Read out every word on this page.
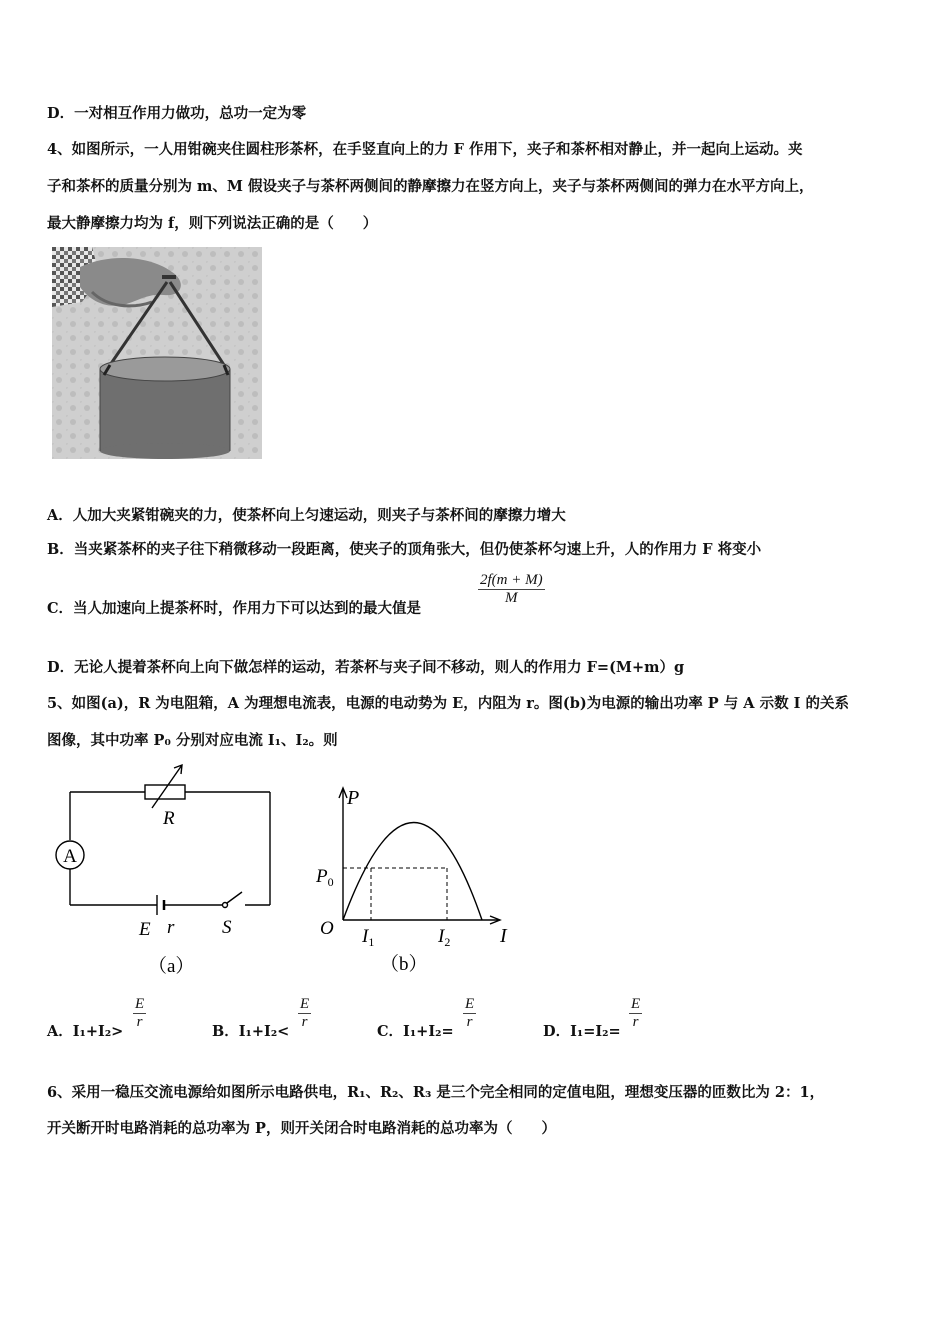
D．一对相互作用力做功，总功一定为零
4、如图所示，一人用钳碗夹住圆柱形茶杯，在手竖直向上的力 F 作用下，夹子和茶杯相对静止，并一起向上运动。夹
子和茶杯的质量分别为 m、M 假设夹子与茶杯两侧间的静摩擦力在竖方向上，夹子与茶杯两侧间的弹力在水平方向上，
最大静摩擦力均为 f，则下列说法正确的是（　　）
A．人加大夹紧钳碗夹的力，使茶杯向上匀速运动，则夹子与茶杯间的摩擦力增大
B．当夹紧茶杯的夹子往下稍微移动一段距离，使夹子的顶角张大，但仍使茶杯匀速上升，人的作用力 F 将变小
C．当人加速向上提茶杯时，作用力下可以达到的最大值是
$\frac{2f(m + M)}{M}$
D．无论人提着茶杯向上向下做怎样的运动，若茶杯与夹子间不移动，则人的作用力 F=(M+m）g
5、如图(a)，R 为电阻箱，A 为理想电流表，电源的电动势为 E，内阻为 r。图(b)为电源的输出功率 P 与 A 示数 I 的关系
图像，其中功率 P₀ 分别对应电流 I₁、I₂。则
A
R
E r	S
（a）
P
$P_0$
O $I_1$	$I_2$ I
（b）
A．I₁+I₂>
$\frac{E}{r}$
B．I₁+I₂<
$\frac{E}{r}$
C．I₁+I₂=
$\frac{E}{r}$
D．I₁=I₂=
$\frac{E}{r}$
6、采用一稳压交流电源给如图所示电路供电，R₁、R₂、R₃ 是三个完全相同的定值电阻，理想变压器的匝数比为 2：1，
开关断开时电路消耗的总功率为 P，则开关闭合时电路消耗的总功率为（　　）
